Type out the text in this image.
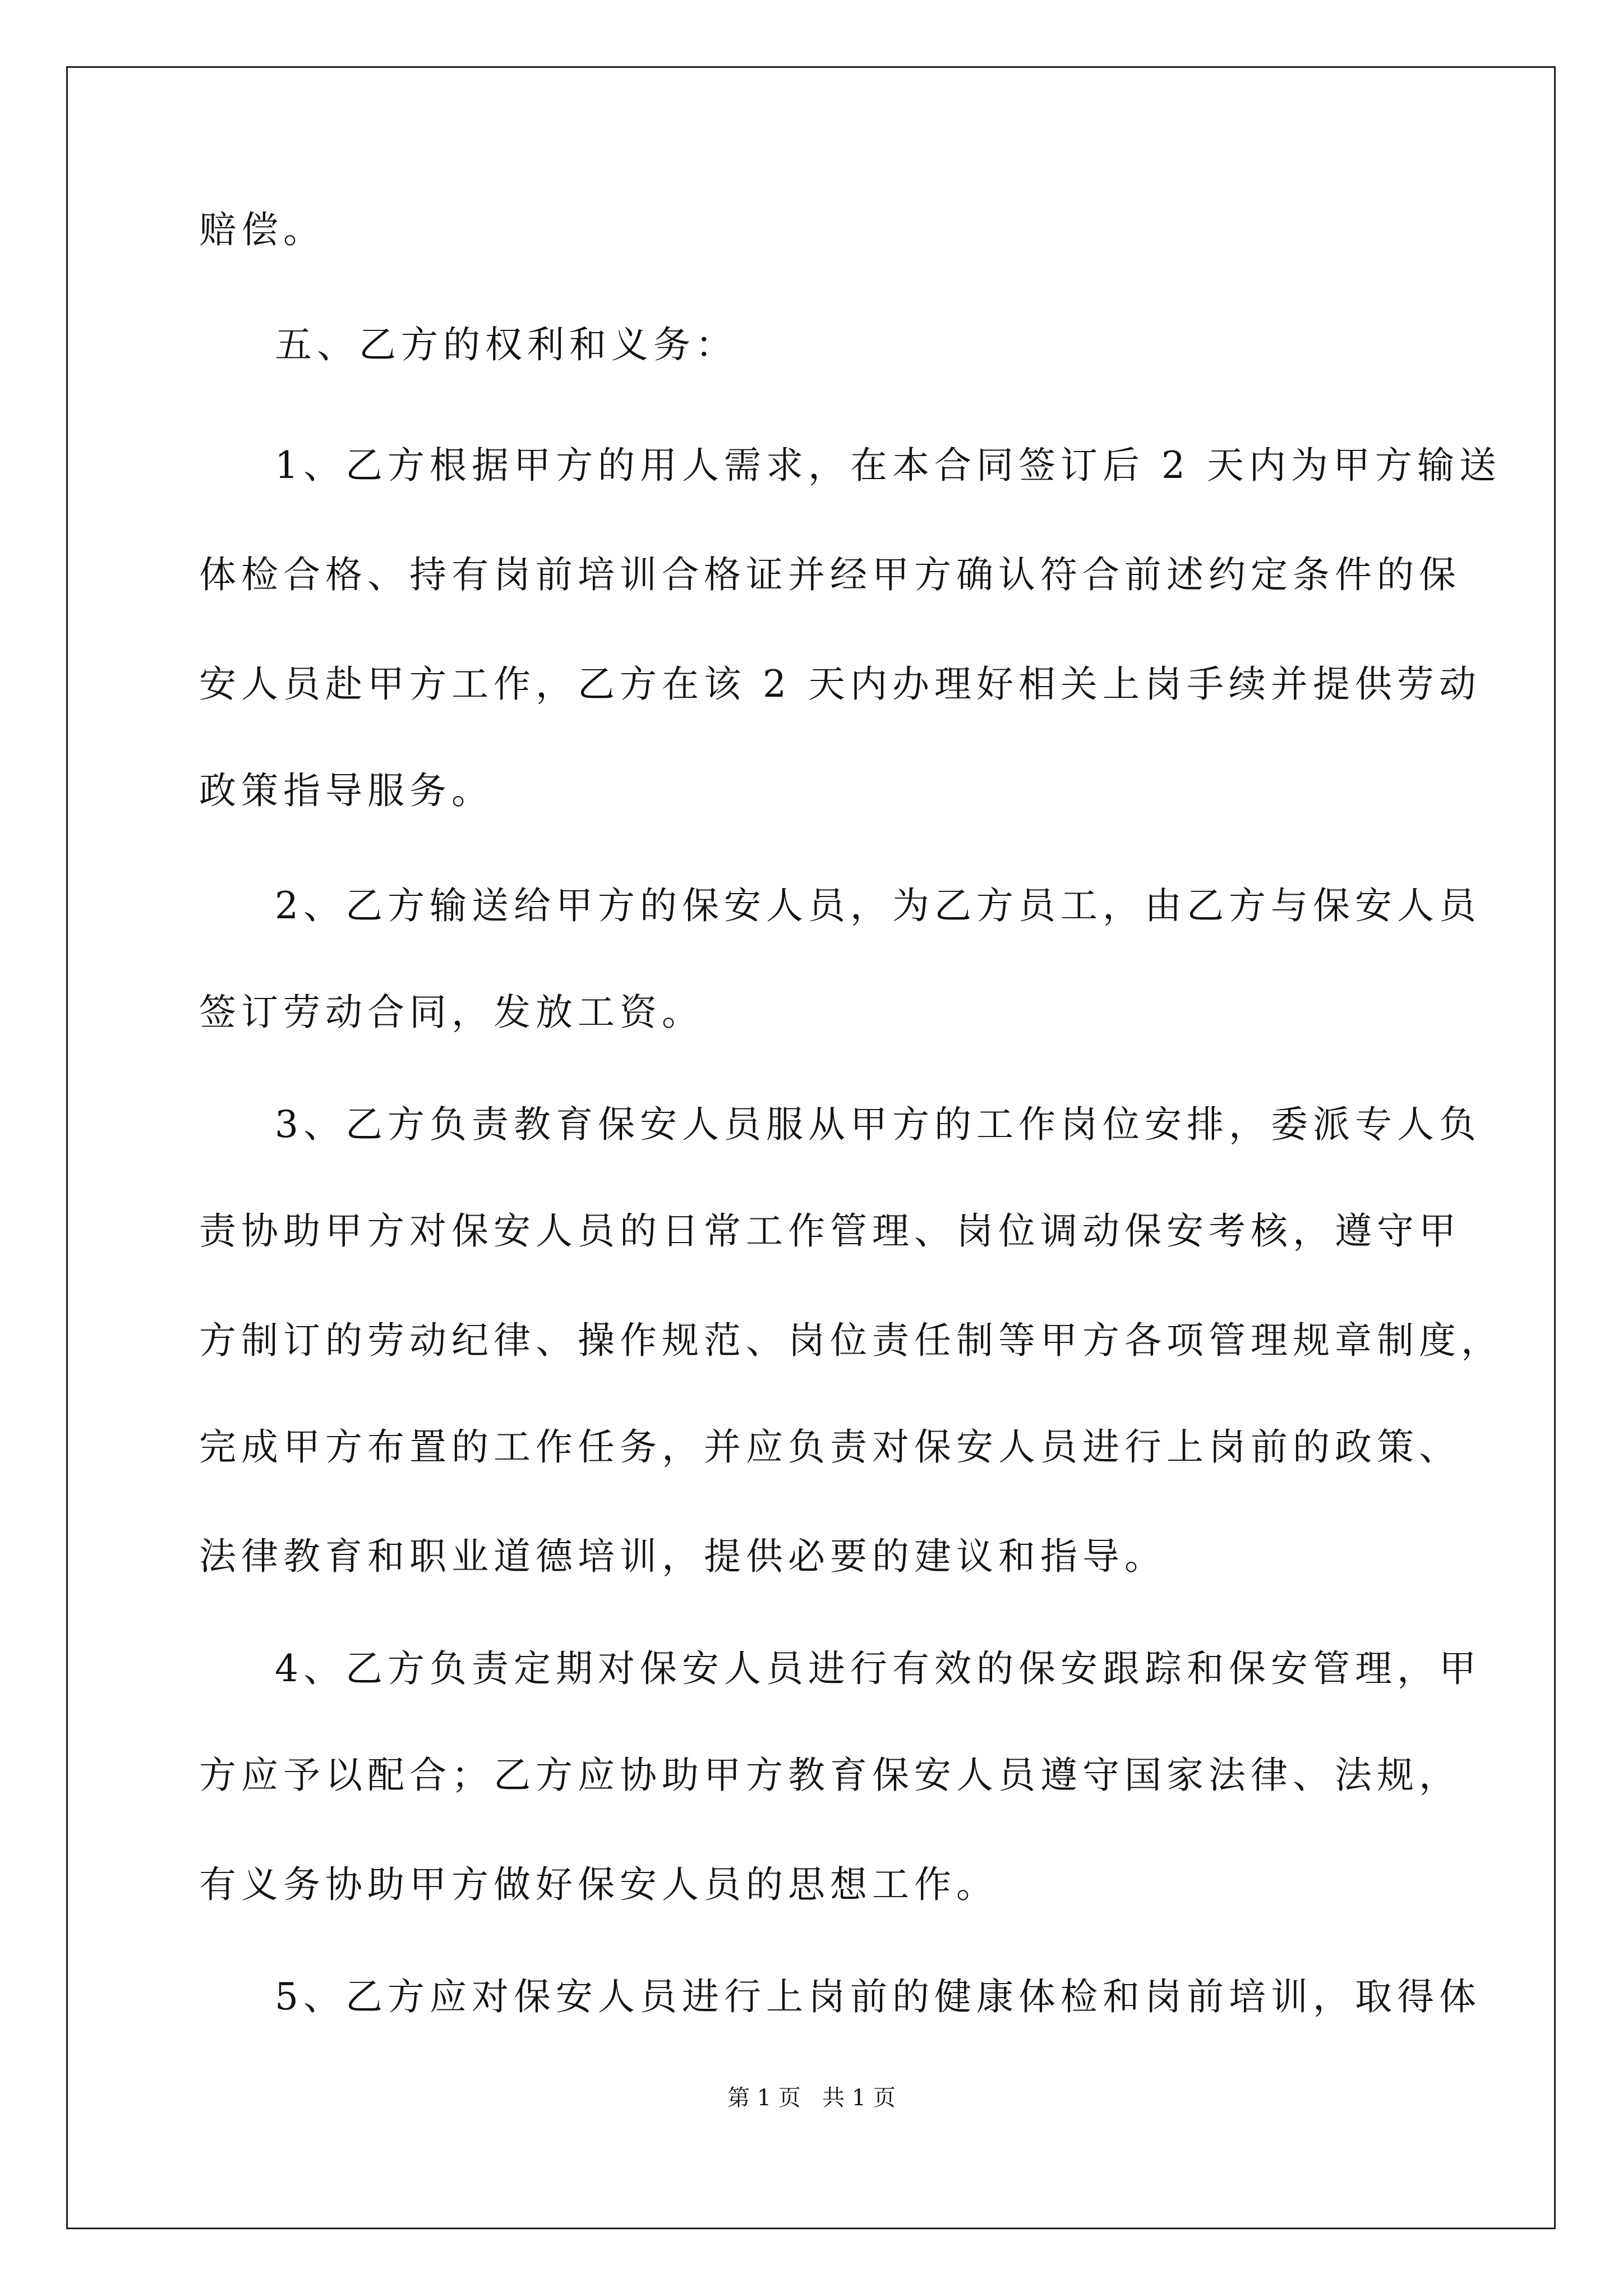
赔偿。
五、乙方的权利和义务：
1、乙方根据甲方的用人需求，在本合同签订后 2 天内为甲方输送
体检合格、持有岗前培训合格证并经甲方确认符合前述约定条件的保
安人员赴甲方工作，乙方在该 2 天内办理好相关上岗手续并提供劳动
政策指导服务。
2、乙方输送给甲方的保安人员，为乙方员工，由乙方与保安人员
签订劳动合同，发放工资。
3、乙方负责教育保安人员服从甲方的工作岗位安排，委派专人负
责协助甲方对保安人员的日常工作管理、岗位调动保安考核，遵守甲
方制订的劳动纪律、操作规范、岗位责任制等甲方各项管理规章制度，
完成甲方布置的工作任务，并应负责对保安人员进行上岗前的政策、
法律教育和职业道德培训，提供必要的建议和指导。
4、乙方负责定期对保安人员进行有效的保安跟踪和保安管理，甲
方应予以配合；乙方应协助甲方教育保安人员遵守国家法律、法规，
有义务协助甲方做好保安人员的思想工作。
第 1 页   共 1 页
5、乙方应对保安人员进行上岗前的健康体检和岗前培训，取得体
